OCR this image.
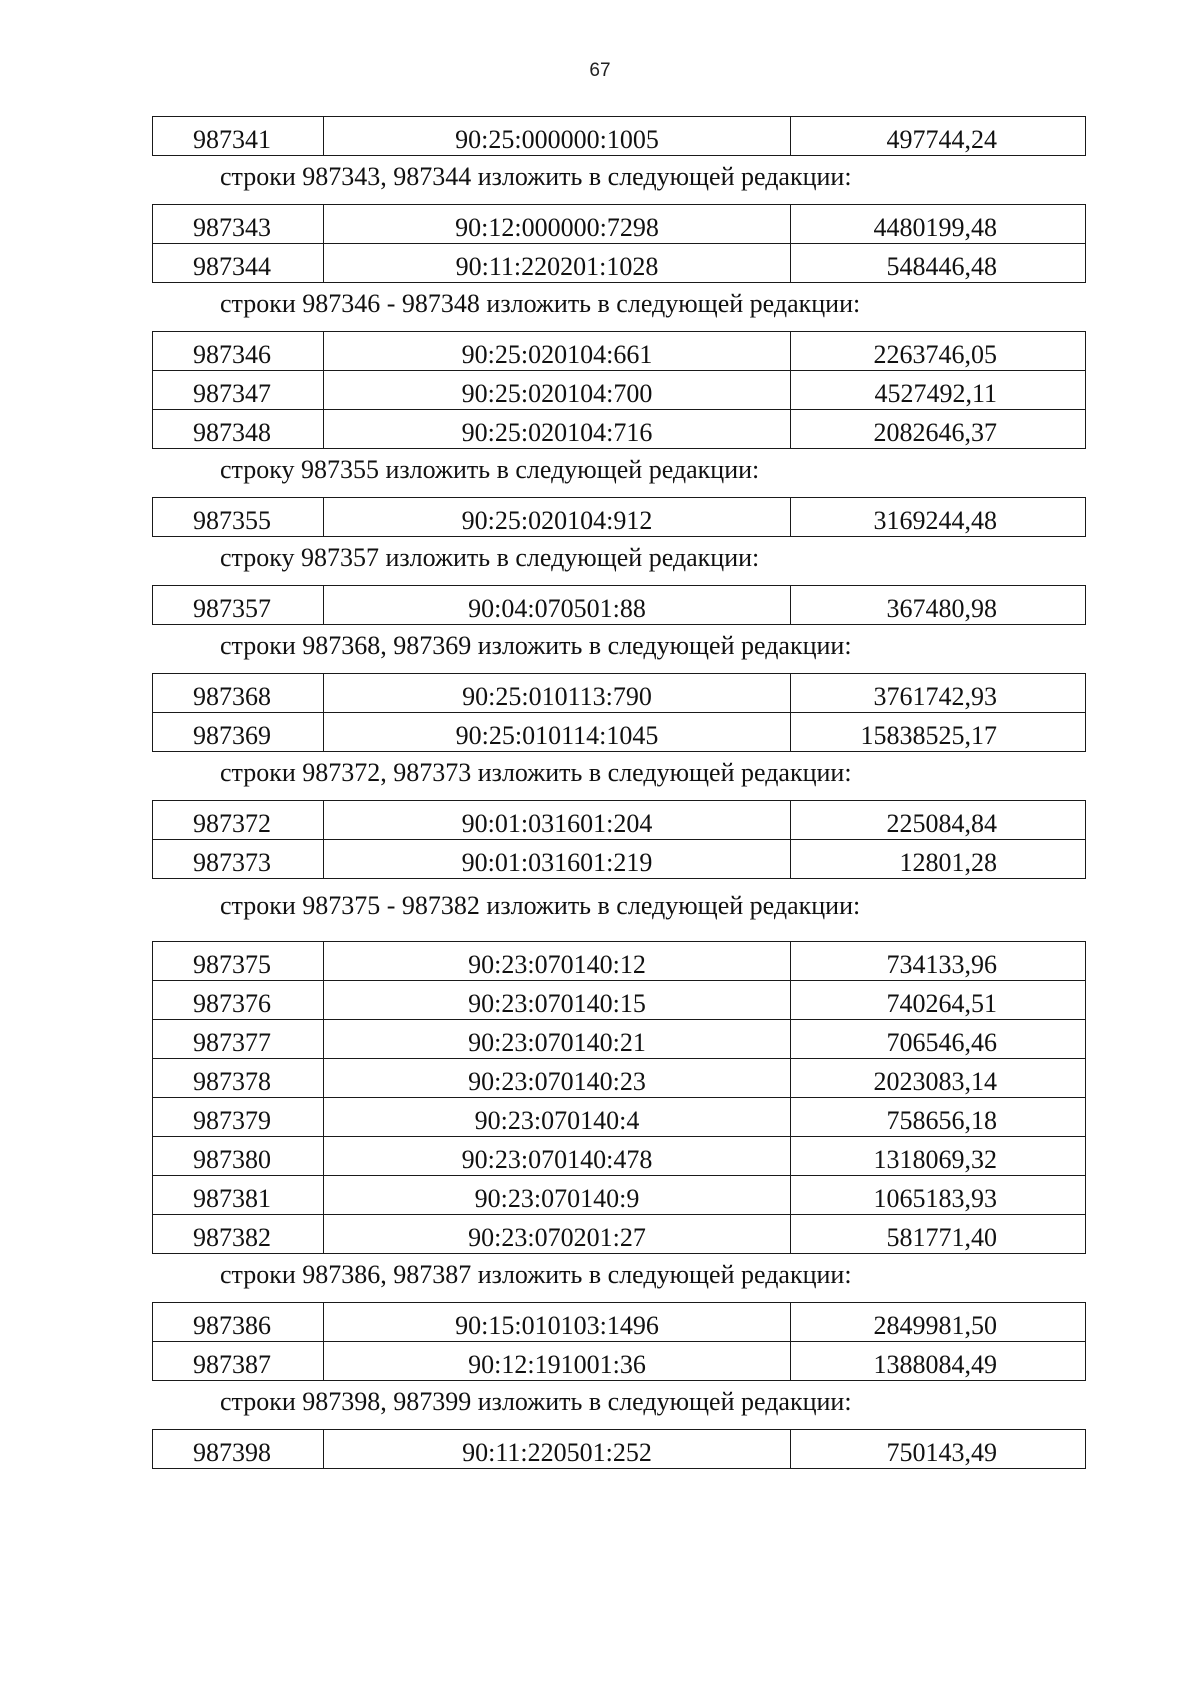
67
987341	90:25:000000:1005	497744,24
строки 987343, 987344 изложить в следующей редакции:
987343	90:12:000000:7298	4480199,48
987344	90:11:220201:1028	548446,48
строки 987346 - 987348 изложить в следующей редакции:
987346	90:25:020104:661	2263746,05
987347	90:25:020104:700	4527492,11
987348	90:25:020104:716	2082646,37
строку 987355 изложить в следующей редакции:
987355	90:25:020104:912	3169244,48
строку 987357 изложить в следующей редакции:
987357	90:04:070501:88	367480,98
строки 987368, 987369 изложить в следующей редакции:
987368	90:25:010113:790	3761742,93
987369	90:25:010114:1045	15838525,17
строки 987372, 987373 изложить в следующей редакции:
987372	90:01:031601:204	225084,84
987373	90:01:031601:219	12801,28
строки 987375 - 987382 изложить в следующей редакции:
987375	90:23:070140:12	734133,96
987376	90:23:070140:15	740264,51
987377	90:23:070140:21	706546,46
987378	90:23:070140:23	2023083,14
987379	90:23:070140:4	758656,18
987380	90:23:070140:478	1318069,32
987381	90:23:070140:9	1065183,93
987382	90:23:070201:27	581771,40
строки 987386, 987387 изложить в следующей редакции:
987386	90:15:010103:1496	2849981,50
987387	90:12:191001:36	1388084,49
строки 987398, 987399 изложить в следующей редакции:
987398	90:11:220501:252	750143,49
